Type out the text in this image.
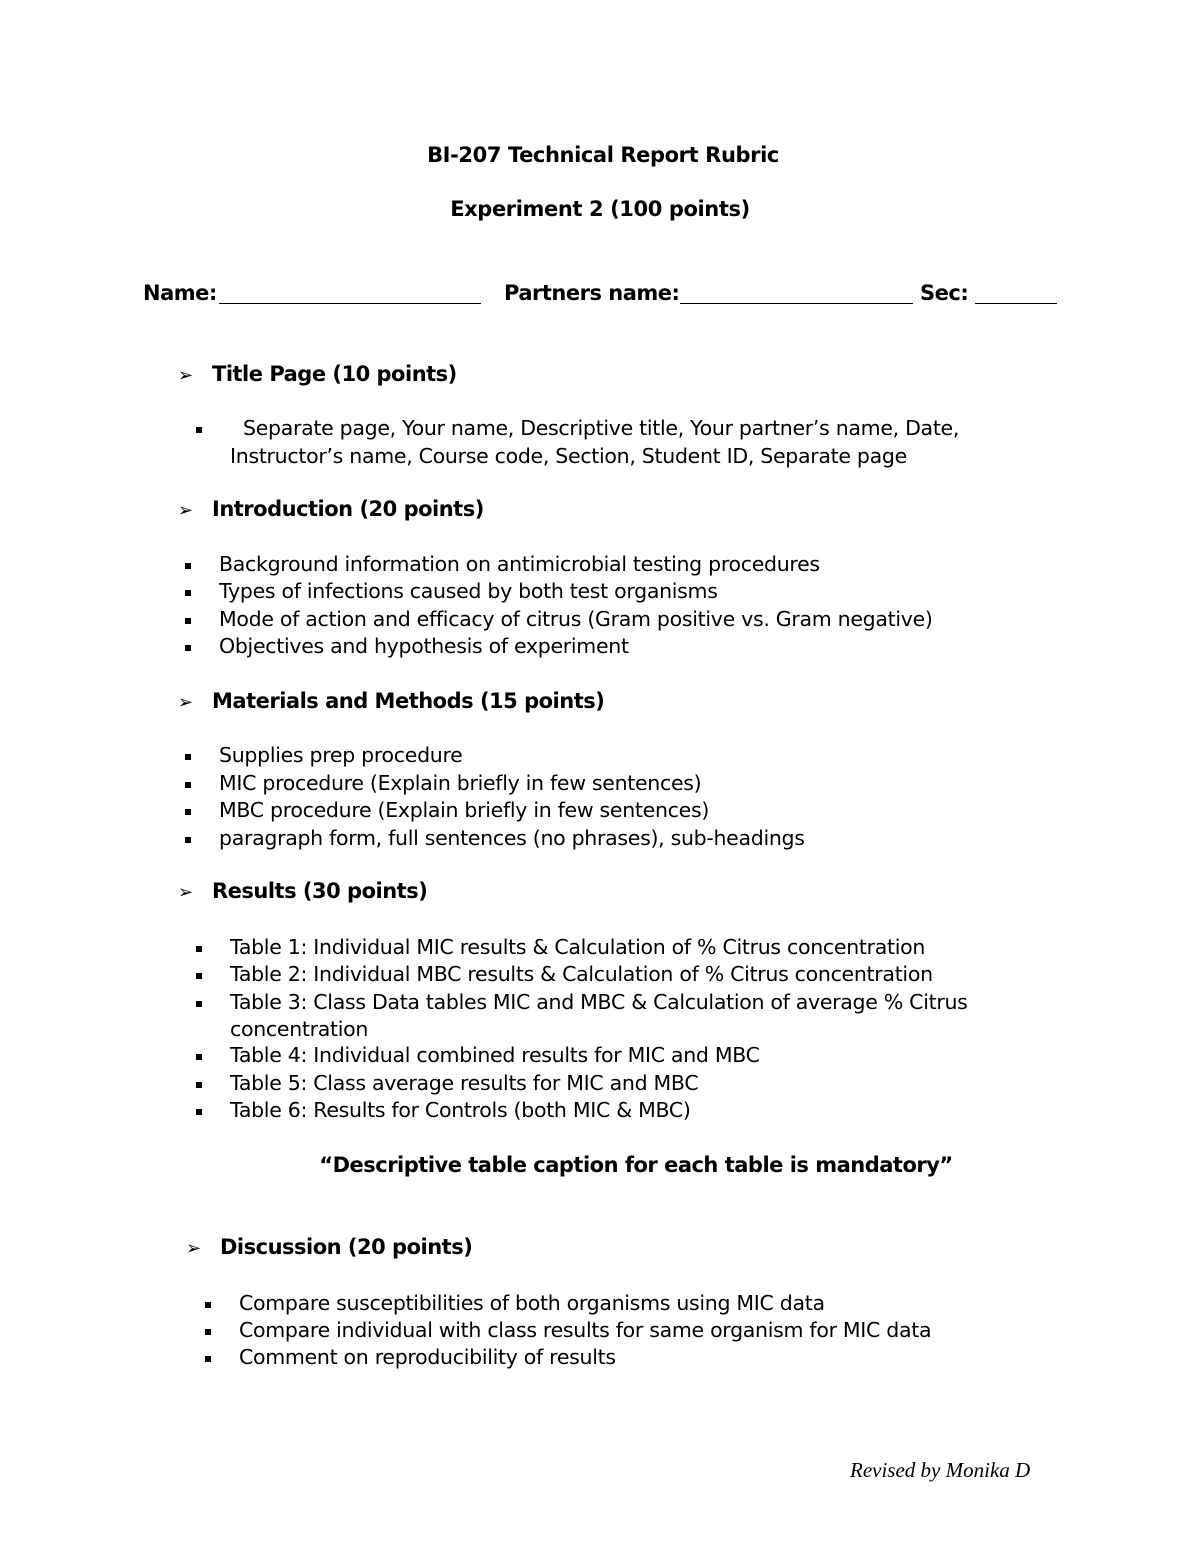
BI-207 Technical Report Rubric
Experiment 2 (100 points)
Name:	Partners name:	Sec:
➢ Title Page (10 points)
Separate page, Your name, Descriptive title, Your partner’s name, Date,
Instructor’s name, Course code, Section, Student ID, Separate page
➢ Introduction (20 points)
Background information on antimicrobial testing procedures
Types of infections caused by both test organisms
Mode of action and efficacy of citrus (Gram positive vs. Gram negative)
Objectives and hypothesis of experiment
➢ Materials and Methods (15 points)
Supplies prep procedure
MIC procedure (Explain briefly in few sentences)
MBC procedure (Explain briefly in few sentences)
paragraph form, full sentences (no phrases), sub-headings
➢ Results (30 points)
Table 1: Individual MIC results & Calculation of % Citrus concentration
Table 2: Individual MBC results & Calculation of % Citrus concentration
Table 3: Class Data tables MIC and MBC & Calculation of average % Citrus
concentration
Table 4: Individual combined results for MIC and MBC
Table 5: Class average results for MIC and MBC
Table 6: Results for Controls (both MIC & MBC)
“Descriptive table caption for each table is mandatory”
➢ Discussion (20 points)
Compare susceptibilities of both organisms using MIC data
Compare individual with class results for same organism for MIC data
Comment on reproducibility of results
Revised by Monika D
